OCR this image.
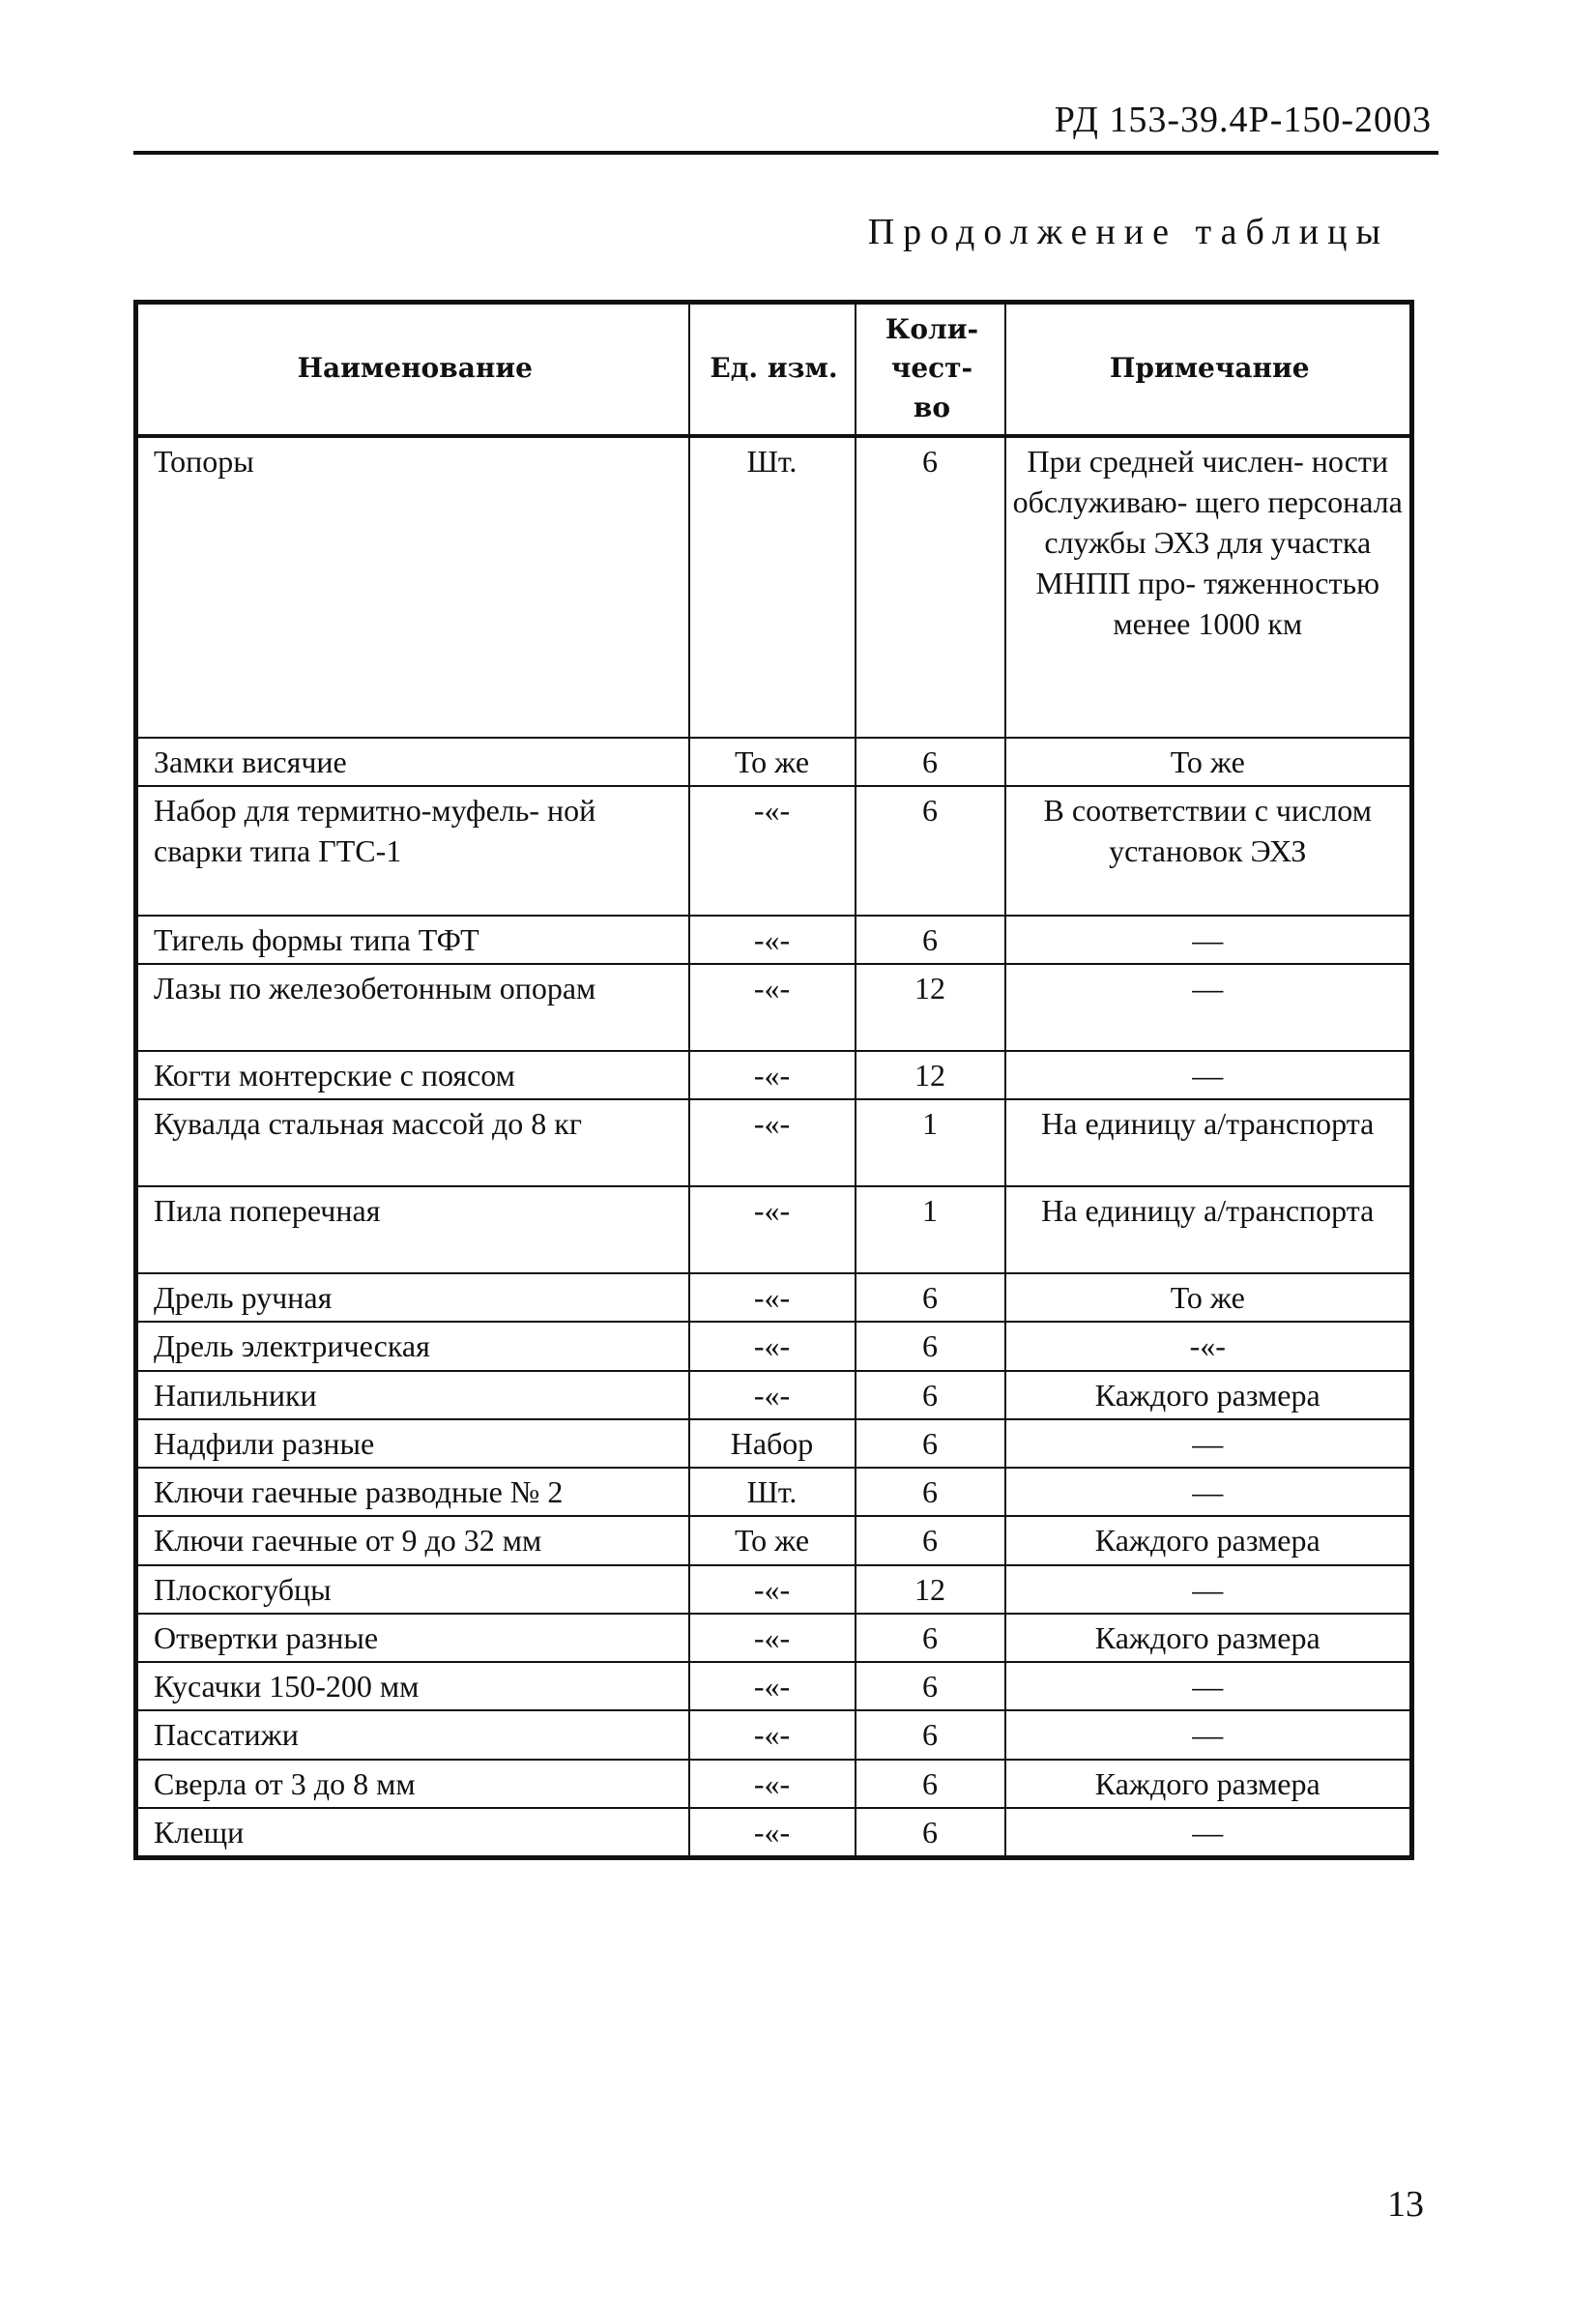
РД 153-39.4Р-150-2003
Продолжение таблицы
Наименование	Ед. изм.	Коли- чест- во	Примечание
Топоры	Шт.	6	При средней числен- ности обслуживаю- щего персонала службы ЭХЗ для участка МНПП про- тяженностью менее 1000 км
Замки висячие	То же	6	То же
Набор для термитно-муфель- ной сварки типа ГТС-1	-«-	6	В соответствии с числом установок ЭХЗ
Тигель формы типа ТФТ	-«-	6	—
Лазы по железобетонным опорам	-«-	12	—
Когти монтерские с поясом	-«-	12	—
Кувалда стальная массой до 8 кг	-«-	1	На единицу а/транспорта
Пила поперечная	-«-	1	На единицу а/транспорта
Дрель ручная	-«-	6	То же
Дрель электрическая	-«-	6	-«-
Напильники	-«-	6	Каждого размера
Надфили разные	Набор	6	—
Ключи гаечные разводные № 2	Шт.	6	—
Ключи гаечные от 9 до 32 мм	То же	6	Каждого размера
Плоскогубцы	-«-	12	—
Отвертки разные	-«-	6	Каждого размера
Кусачки 150-200 мм	-«-	6	—
Пассатижи	-«-	6	—
Сверла от 3 до 8 мм	-«-	6	Каждого размера
Клещи	-«-	6	—
13
